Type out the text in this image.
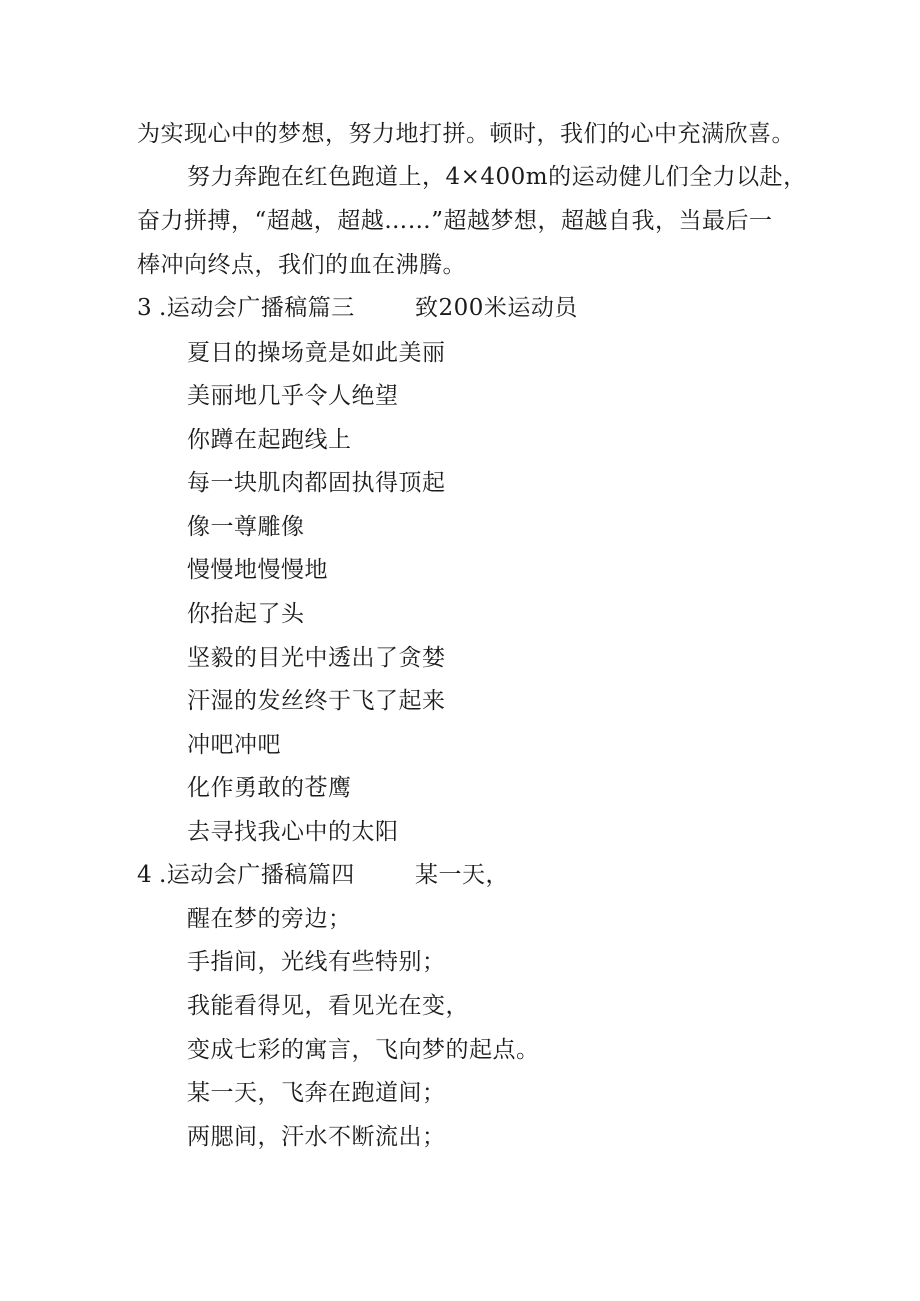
为实现心中的梦想，努力地打拼。顿时，我们的心中充满欣喜。
努力奔跑在红色跑道上，4×400m的运动健儿们全力以赴，
奋力拼搏，“超越，超越……”超越梦想，超越自我，当最后一
棒冲向终点，我们的血在沸腾。
3 .运动会广播稿篇三	致200米运动员
夏日的操场竟是如此美丽
美丽地几乎令人绝望
你蹲在起跑线上
每一块肌肉都固执得顶起
像一尊雕像
慢慢地慢慢地
你抬起了头
坚毅的目光中透出了贪婪
汗湿的发丝终于飞了起来
冲吧冲吧
化作勇敢的苍鹰
去寻找我心中的太阳
4 .运动会广播稿篇四	某一天，
醒在梦的旁边；
手指间，光线有些特别；
我能看得见，看见光在变，
变成七彩的寓言，飞向梦的起点。
某一天，飞奔在跑道间；
两腮间，汗水不断流出；
